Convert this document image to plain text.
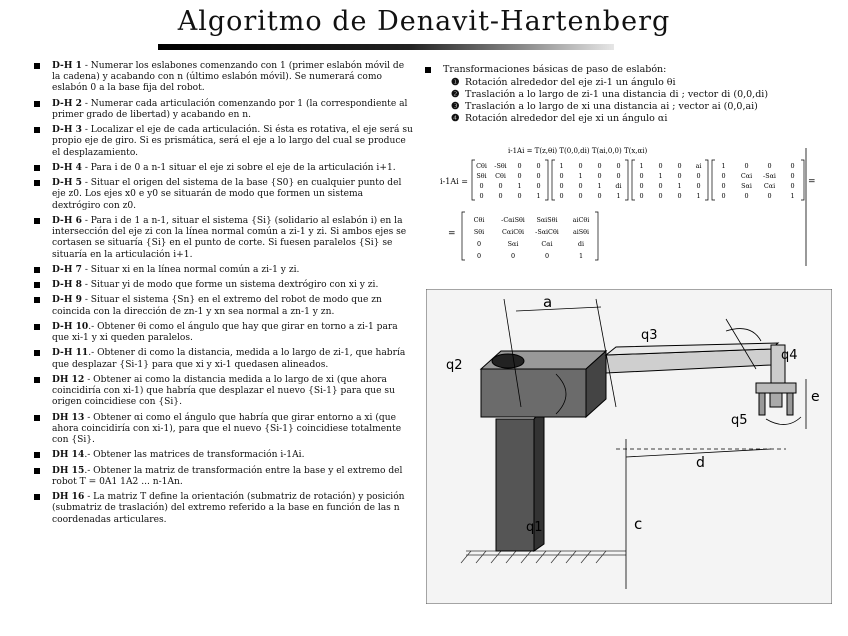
Algoritmo de Denavit-Hartenberg
D-H 1 - Numerar los eslabones comenzando con 1 (primer eslabón móvil de la cadena) y acabando con n (último eslabón móvil). Se numerará como eslabón 0 a la base fija del robot.
D-H 2 - Numerar cada articulación comenzando por 1 (la correspondiente al primer grado de libertad) y acabando en n.
D-H 3 - Localizar el eje de cada articulación. Si ésta es rotativa, el eje será su propio eje de giro. Si es prismática, será el eje a lo largo del cual se produce el desplazamiento.
D-H 4 - Para i de 0 a n-1 situar el eje zi sobre el eje de la articulación i+1.
D-H 5 - Situar el origen del sistema de la base {S0} en cualquier punto del eje z0. Los ejes x0 e y0 se situarán de modo que formen un sistema dextrógiro con z0.
D-H 6 - Para i de 1 a n-1, situar el sistema {Si} (solidario al eslabón i) en la intersección del eje zi con la línea normal común a zi-1 y zi. Si ambos ejes se cortasen se situaría {Si} en el punto de corte. Si fuesen paralelos {Si} se situaría en la articulación i+1.
D-H 7 - Situar xi en la línea normal común a zi-1 y zi.
D-H 8 - Situar yi de modo que forme un sistema dextrógiro con xi y zi.
D-H 9 - Situar el sistema {Sn} en el extremo del robot de modo que zn coincida con la dirección de zn-1 y xn sea normal a zn-1 y zn.
D-H 10.- Obtener θi como el ángulo que hay que girar en torno a zi-1 para que xi-1 y xi queden paralelos.
D-H 11.- Obtener di como la distancia, medida a lo largo de zi-1, que habría que desplazar {Si-1} para que xi y xi-1 quedasen alineados.
DH 12 - Obtener ai como la distancia medida a lo largo de xi (que ahora coincidiría con xi-1) que habría que desplazar el nuevo {Si-1} para que su origen coincidiese con {Si}.
DH 13 - Obtener αi como el ángulo que habría que girar entorno a xi (que ahora coincidiría con xi-1), para que el nuevo {Si-1} coincidiese totalmente con {Si}.
DH 14.- Obtener las matrices de transformación i-1Ai.
DH 15.- Obtener la matriz de transformación entre la base y el extremo del robot T = 0A1 1A2 ... n-1An.
DH 16 - La matriz T define la orientación (submatriz de rotación) y posición (submatriz de traslación) del extremo referido a la base en función de las n coordenadas articulares.
Transformaciones básicas de paso de eslabón:
❶ Rotación alrededor del eje zi-1 un ángulo θi
❷ Traslación a lo largo de zi-1 una distancia di ; vector di (0,0,di)
❸ Traslación a lo largo de xi una distancia ai ; vector ai (0,0,ai)
❹ Rotación alrededor del eje xi un ángulo αi
i-1Ai = T(z,θi) T(0,0,di) T(ai,0,0) T(x,αi)
i-1Ai =
Cθi -Sθi 0 0
Sθi Cθi 0 0
0 0 1 0
0 0 0 1
1 0 0 0
0 1 0 0
0 0 1 di
0 0 0 1
1 0 0 ai
0 1 0 0
0 0 1 0
0 0 0 1
1	0	0	0
0 Cαi -Sαi 0
0 Sαi Cαi 0
0	0	0	1
=
=
Cθi	-CαiSθi SαiSθi aiCθi
Sθi	CαiCθi -SαiCθi aiSθi
0	Sαi	Cαi	di
0	0	0	1
a
q3
q2
q4
q5
e
d
c
q1
